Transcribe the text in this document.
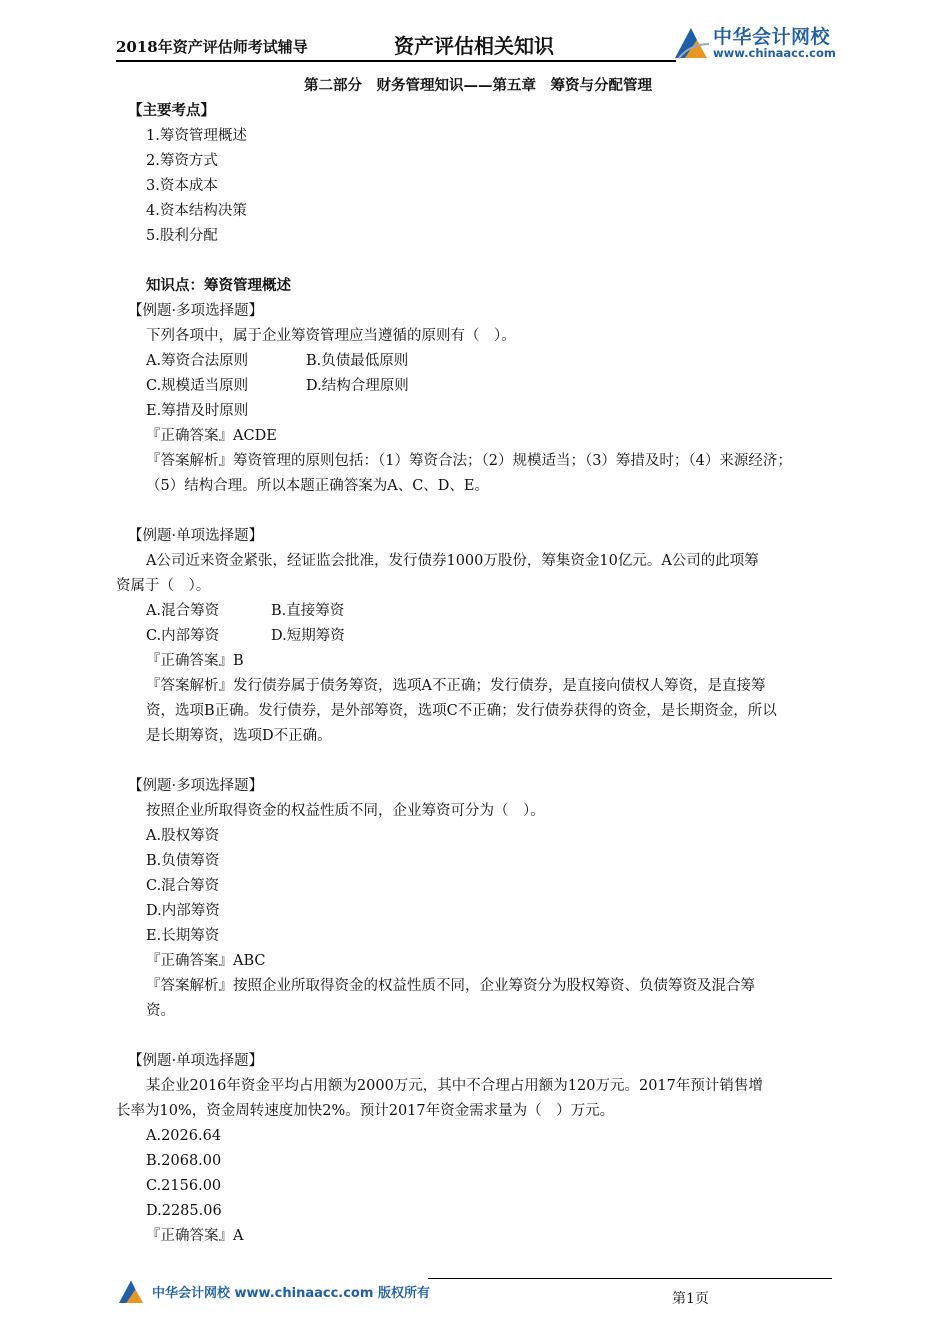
2018年资产评估师考试辅导	资产评估相关知识	中华会计网校
www.chinaacc.com

第二部分　财务管理知识——第五章　筹资与分配管理

【主要考点】

1.筹资管理概述

2.筹资方式

3.资本成本

4.资本结构决策

5.股利分配

知识点：筹资管理概述

【例题·多项选择题】

下列各项中，属于企业筹资管理应当遵循的原则有（　）。

A.筹资合法原则	B.负债最低原则

C.规模适当原则	D.结构合理原则

E.筹措及时原则

『正确答案』ACDE

『答案解析』筹资管理的原则包括：（1）筹资合法；（2）规模适当；（3）筹措及时；（4）来源经济；

（5）结构合理。所以本题正确答案为A、C、D、E。

【例题·单项选择题】

A公司近来资金紧张，经证监会批准，发行债券1000万股份，筹集资金10亿元。A公司的此项筹

资属于（　）。

A.混合筹资	B.直接筹资

C.内部筹资	D.短期筹资

『正确答案』B

『答案解析』发行债券属于债务筹资，选项A不正确；发行债券，是直接向债权人筹资，是直接筹

资，选项B正确。发行债券，是外部筹资，选项C不正确；发行债券获得的资金，是长期资金，所以

是长期筹资，选项D不正确。

【例题·多项选择题】

按照企业所取得资金的权益性质不同，企业筹资可分为（　）。

A.股权筹资

B.负债筹资

C.混合筹资

D.内部筹资

E.长期筹资

『正确答案』ABC

『答案解析』按照企业所取得资金的权益性质不同，企业筹资分为股权筹资、负债筹资及混合筹

资。

【例题·单项选择题】

某企业2016年资金平均占用额为2000万元，其中不合理占用额为120万元。2017年预计销售增

长率为10%，资金周转速度加快2%。预计2017年资金需求量为（　）万元。

A.2026.64

B.2068.00

C.2156.00

D.2285.06

『正确答案』A

中华会计网校 www.chinaacc.com 版权所有	第1页
